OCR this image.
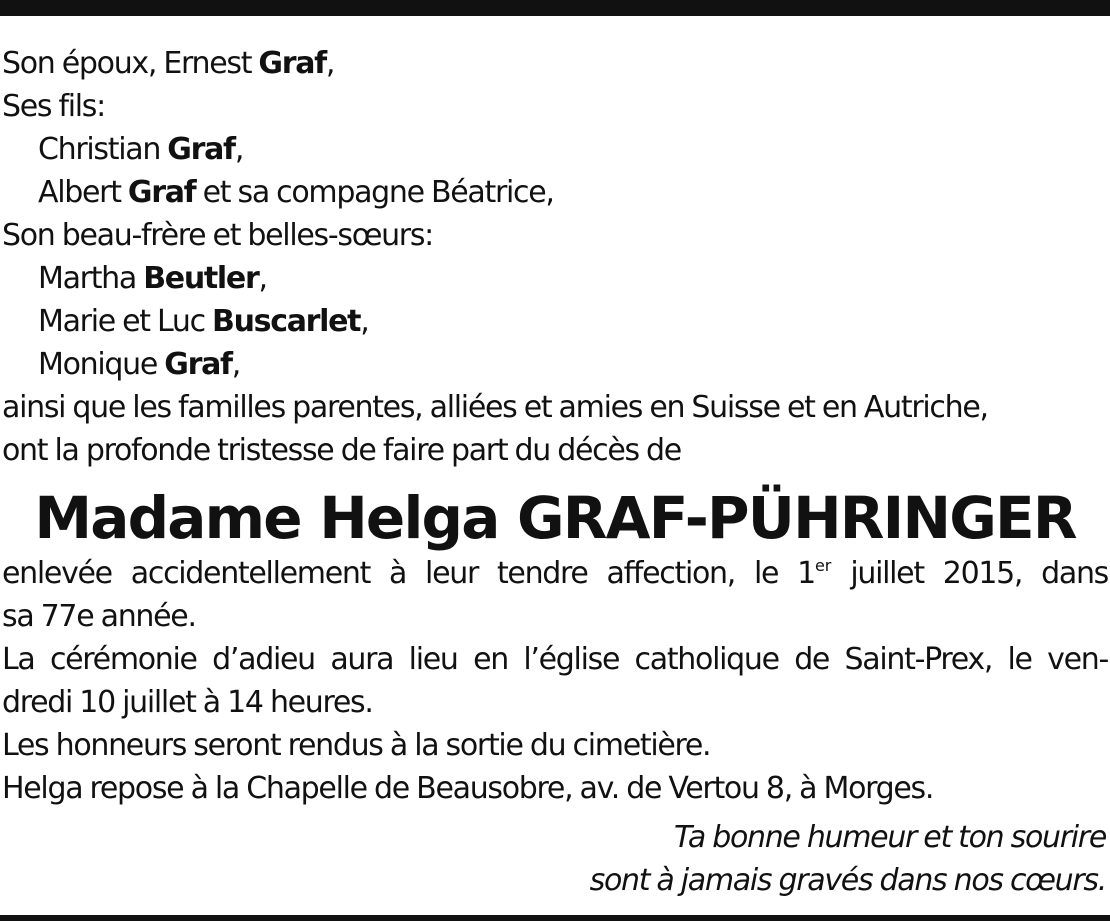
Son époux, Ernest Graf,
Ses fils:
Christian Graf,
Albert Graf et sa compagne Béatrice,
Son beau-frère et belles-sœurs:
Martha Beutler,
Marie et Luc Buscarlet,
Monique Graf,
ainsi que les familles parentes, alliées et amies en Suisse et en Autriche,
ont la profonde tristesse de faire part du décès de
Madame Helga GRAF-PÜHRINGER
enlevée accidentellement à leur tendre affection, le 1er juillet 2015, dans
sa 77e année.
La cérémonie d’adieu aura lieu en l’église catholique de Saint-Prex, le ven-
dredi 10 juillet à 14 heures.
Les honneurs seront rendus à la sortie du cimetière.
Helga repose à la Chapelle de Beausobre, av. de Vertou 8, à Morges.
Ta bonne humeur et ton sourire
sont à jamais gravés dans nos cœurs.
